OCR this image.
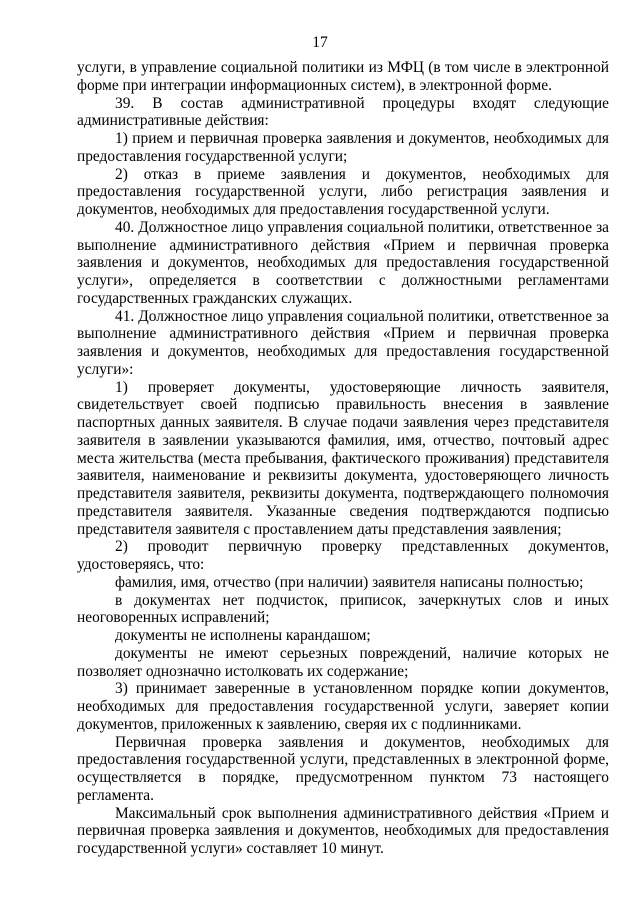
17

услуги, в управление социальной политики из МФЦ (в том числе в электронной форме при интеграции информационных систем), в электронной форме.

39. В состав административной процедуры входят следующие административные действия:

1) прием и первичная проверка заявления и документов, необходимых для предоставления государственной услуги;

2) отказ в приеме заявления и документов, необходимых для предоставления государственной услуги, либо регистрация заявления и документов, необходимых для предоставления государственной услуги.

40. Должностное лицо управления социальной политики, ответственное за выполнение административного действия «Прием и первичная проверка заявления и документов, необходимых для предоставления государственной услуги», определяется в соответствии с должностными регламентами государственных гражданских служащих.

41. Должностное лицо управления социальной политики, ответственное за выполнение административного действия «Прием и первичная проверка заявления и документов, необходимых для предоставления государственной услуги»:

1) проверяет документы, удостоверяющие личность заявителя, свидетельствует своей подписью правильность внесения в заявление паспортных данных заявителя. В случае подачи заявления через представителя заявителя в заявлении указываются фамилия, имя, отчество, почтовый адрес места жительства (места пребывания, фактического проживания) представителя заявителя, наименование и реквизиты документа, удостоверяющего личность представителя заявителя, реквизиты документа, подтверждающего полномочия представителя заявителя. Указанные сведения подтверждаются подписью представителя заявителя с проставлением даты представления заявления;

2) проводит первичную проверку представленных документов, удостоверяясь, что:

фамилия, имя, отчество (при наличии) заявителя написаны полностью;

в документах нет подчисток, приписок, зачеркнутых слов и иных неоговоренных исправлений;

документы не исполнены карандашом;

документы не имеют серьезных повреждений, наличие которых не позволяет однозначно истолковать их содержание;

3) принимает заверенные в установленном порядке копии документов, необходимых для предоставления государственной услуги, заверяет копии документов, приложенных к заявлению, сверяя их с подлинниками.

Первичная проверка заявления и документов, необходимых для предоставления государственной услуги, представленных в электронной форме, осуществляется в порядке, предусмотренном пунктом 73 настоящего регламента.

Максимальный срок выполнения административного действия «Прием и первичная проверка заявления и документов, необходимых для предоставления государственной услуги» составляет 10 минут.
